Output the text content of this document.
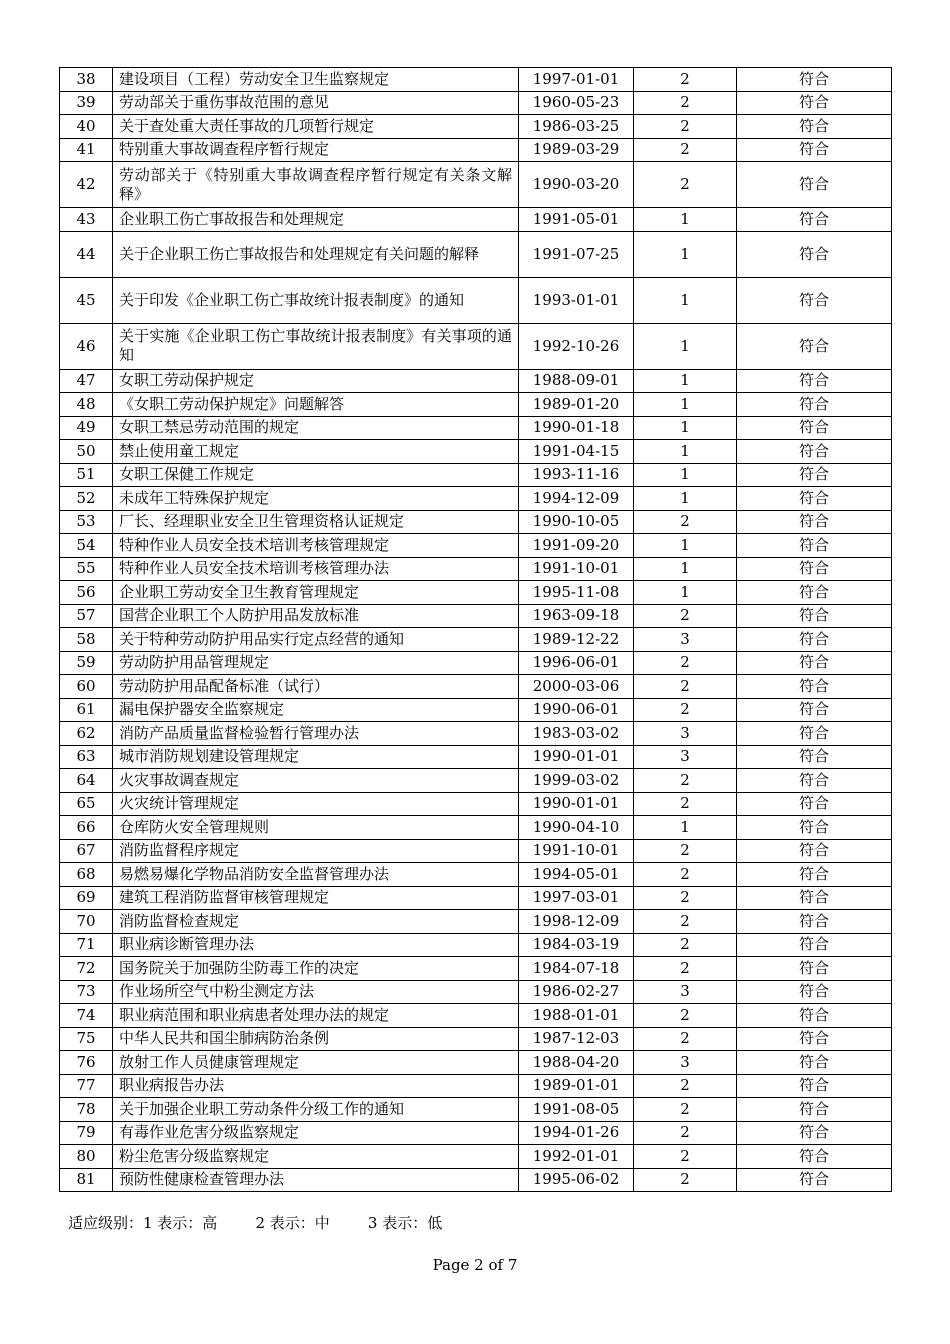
38	建设项目（工程）劳动安全卫生监察规定	1997-01-01	2	符合
39	劳动部关于重伤事故范围的意见	1960-05-23	2	符合
40	关于查处重大责任事故的几项暂行规定	1986-03-25	2	符合
41	特别重大事故调查程序暂行规定	1989-03-29	2	符合
42	劳动部关于《特别重大事故调查程序暂行规定有关条文解释》	1990-03-20	2	符合
43	企业职工伤亡事故报告和处理规定	1991-05-01	1	符合
44	关于企业职工伤亡事故报告和处理规定有关问题的解释	1991-07-25	1	符合
45	关于印发《企业职工伤亡事故统计报表制度》的通知	1993-01-01	1	符合
46	关于实施《企业职工伤亡事故统计报表制度》有关事项的通知	1992-10-26	1	符合
47	女职工劳动保护规定	1988-09-01	1	符合
48	《女职工劳动保护规定》问题解答	1989-01-20	1	符合
49	女职工禁忌劳动范围的规定	1990-01-18	1	符合
50	禁止使用童工规定	1991-04-15	1	符合
51	女职工保健工作规定	1993-11-16	1	符合
52	未成年工特殊保护规定	1994-12-09	1	符合
53	厂长、经理职业安全卫生管理资格认证规定	1990-10-05	2	符合
54	特种作业人员安全技术培训考核管理规定	1991-09-20	1	符合
55	特种作业人员安全技术培训考核管理办法	1991-10-01	1	符合
56	企业职工劳动安全卫生教育管理规定	1995-11-08	1	符合
57	国营企业职工个人防护用品发放标准	1963-09-18	2	符合
58	关于特种劳动防护用品实行定点经营的通知	1989-12-22	3	符合
59	劳动防护用品管理规定	1996-06-01	2	符合
60	劳动防护用品配备标准（试行）	2000-03-06	2	符合
61	漏电保护器安全监察规定	1990-06-01	2	符合
62	消防产品质量监督检验暂行管理办法	1983-03-02	3	符合
63	城市消防规划建设管理规定	1990-01-01	3	符合
64	火灾事故调查规定	1999-03-02	2	符合
65	火灾统计管理规定	1990-01-01	2	符合
66	仓库防火安全管理规则	1990-04-10	1	符合
67	消防监督程序规定	1991-10-01	2	符合
68	易燃易爆化学物品消防安全监督管理办法	1994-05-01	2	符合
69	建筑工程消防监督审核管理规定	1997-03-01	2	符合
70	消防监督检查规定	1998-12-09	2	符合
71	职业病诊断管理办法	1984-03-19	2	符合
72	国务院关于加强防尘防毒工作的决定	1984-07-18	2	符合
73	作业场所空气中粉尘测定方法	1986-02-27	3	符合
74	职业病范围和职业病患者处理办法的规定	1988-01-01	2	符合
75	中华人民共和国尘肺病防治条例	1987-12-03	2	符合
76	放射工作人员健康管理规定	1988-04-20	3	符合
77	职业病报告办法	1989-01-01	2	符合
78	关于加强企业职工劳动条件分级工作的通知	1991-08-05	2	符合
79	有毒作业危害分级监察规定	1994-01-26	2	符合
80	粉尘危害分级监察规定	1992-01-01	2	符合
81	预防性健康检查管理办法	1995-06-02	2	符合
适应级别：1 表示：高        2 表示：中        3 表示：低
Page 2 of 7
